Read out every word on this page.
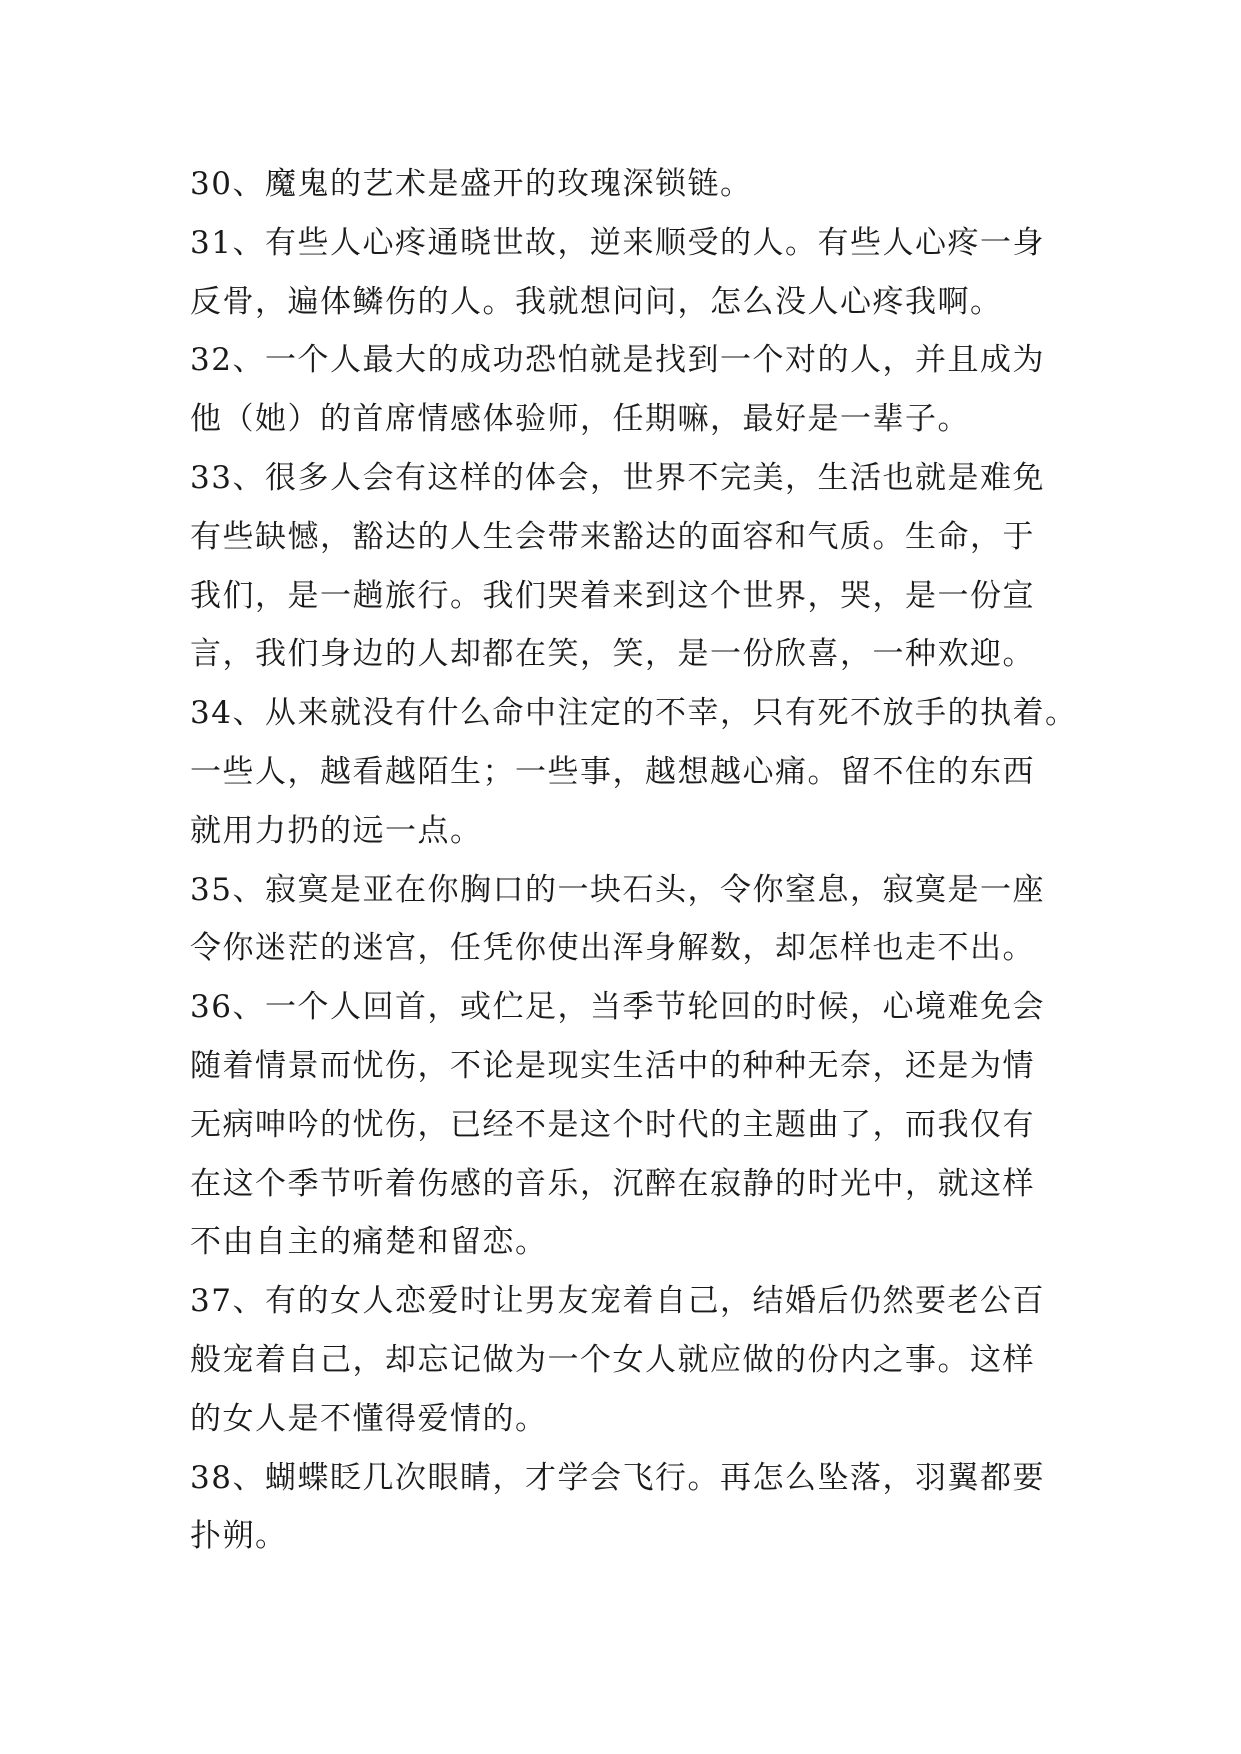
30、魔鬼的艺术是盛开的玫瑰深锁链。
31、有些人心疼通晓世故，逆来顺受的人。有些人心疼一身
反骨，遍体鳞伤的人。我就想问问，怎么没人心疼我啊。
32、一个人最大的成功恐怕就是找到一个对的人，并且成为
他（她）的首席情感体验师，任期嘛，最好是一辈子。
33、很多人会有这样的体会，世界不完美，生活也就是难免
有些缺憾，豁达的人生会带来豁达的面容和气质。生命，于
我们，是一趟旅行。我们哭着来到这个世界，哭，是一份宣
言，我们身边的人却都在笑，笑，是一份欣喜，一种欢迎。
34、从来就没有什么命中注定的不幸，只有死不放手的执着。
一些人，越看越陌生；一些事，越想越心痛。留不住的东西
就用力扔的远一点。
35、寂寞是亚在你胸口的一块石头，令你窒息，寂寞是一座
令你迷茫的迷宫，任凭你使出浑身解数，却怎样也走不出。
36、一个人回首，或伫足，当季节轮回的时候，心境难免会
随着情景而忧伤，不论是现实生活中的种种无奈，还是为情
无病呻吟的忧伤，已经不是这个时代的主题曲了，而我仅有
在这个季节听着伤感的音乐，沉醉在寂静的时光中，就这样
不由自主的痛楚和留恋。
37、有的女人恋爱时让男友宠着自己，结婚后仍然要老公百
般宠着自己，却忘记做为一个女人就应做的份内之事。这样
的女人是不懂得爱情的。
38、蝴蝶眨几次眼睛，才学会飞行。再怎么坠落，羽翼都要
扑朔。
